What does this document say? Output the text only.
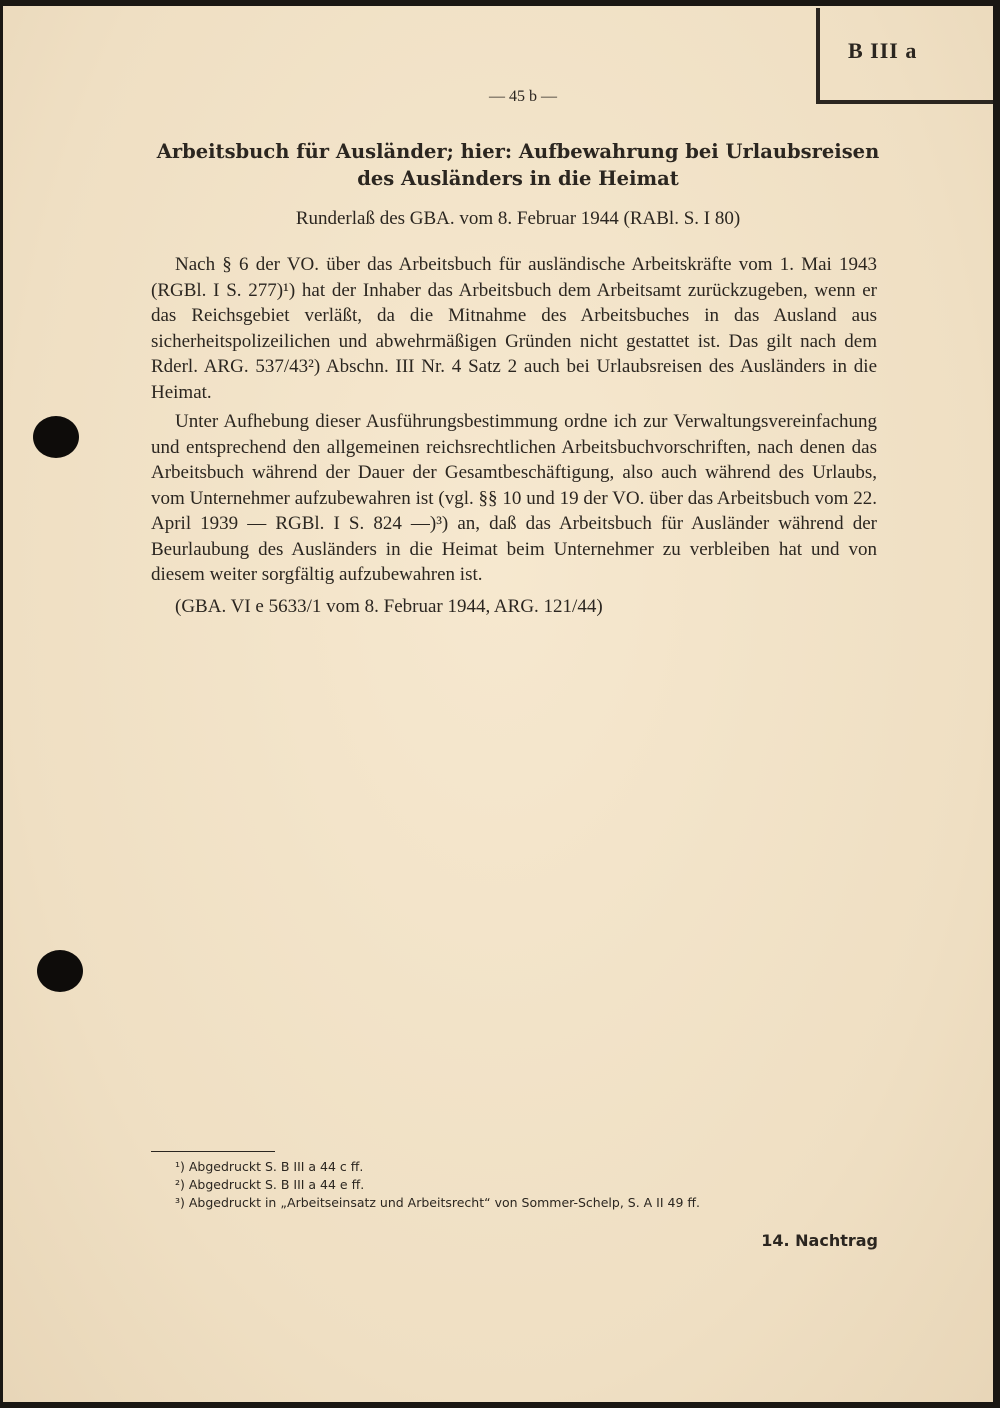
B III a
— 45 b —
Arbeitsbuch für Ausländer; hier: Aufbewahrung bei Urlaubsreisen
des Ausländers in die Heimat
Runderlaß des GBA. vom 8. Februar 1944 (RABl. S. I 80)

Nach § 6 der VO. über das Arbeitsbuch für ausländische Arbeitskräfte vom 1. Mai 1943 (RGBl. I S. 277)¹) hat der Inhaber das Arbeitsbuch dem Arbeitsamt zurückzugeben, wenn er das Reichsgebiet verläßt, da die Mitnahme des Arbeitsbuches in das Ausland aus sicherheitspolizeilichen und abwehrmäßigen Gründen nicht gestattet ist. Das gilt nach dem Rderl. ARG. 537/43²) Abschn. III Nr. 4 Satz 2 auch bei Urlaubsreisen des Ausländers in die Heimat.

Unter Aufhebung dieser Ausführungsbestimmung ordne ich zur Verwaltungsvereinfachung und entsprechend den allgemeinen reichsrechtlichen Arbeitsbuchvorschriften, nach denen das Arbeitsbuch während der Dauer der Gesamtbeschäftigung, also auch während des Urlaubs, vom Unternehmer aufzubewahren ist (vgl. §§ 10 und 19 der VO. über das Arbeitsbuch vom 22. April 1939 — RGBl. I S. 824 —)³) an, daß das Arbeitsbuch für Ausländer während der Beurlaubung des Ausländers in die Heimat beim Unternehmer zu verbleiben hat und von diesem weiter sorgfältig aufzubewahren ist.

(GBA. VI e 5633/1 vom 8. Februar 1944, ARG. 121/44)

¹) Abgedruckt S. B III a 44 c ff.
²) Abgedruckt S. B III a 44 e ff.
³) Abgedruckt in „Arbeitseinsatz und Arbeitsrecht“ von Sommer-Schelp, S. A II 49 ff.
14. Nachtrag
